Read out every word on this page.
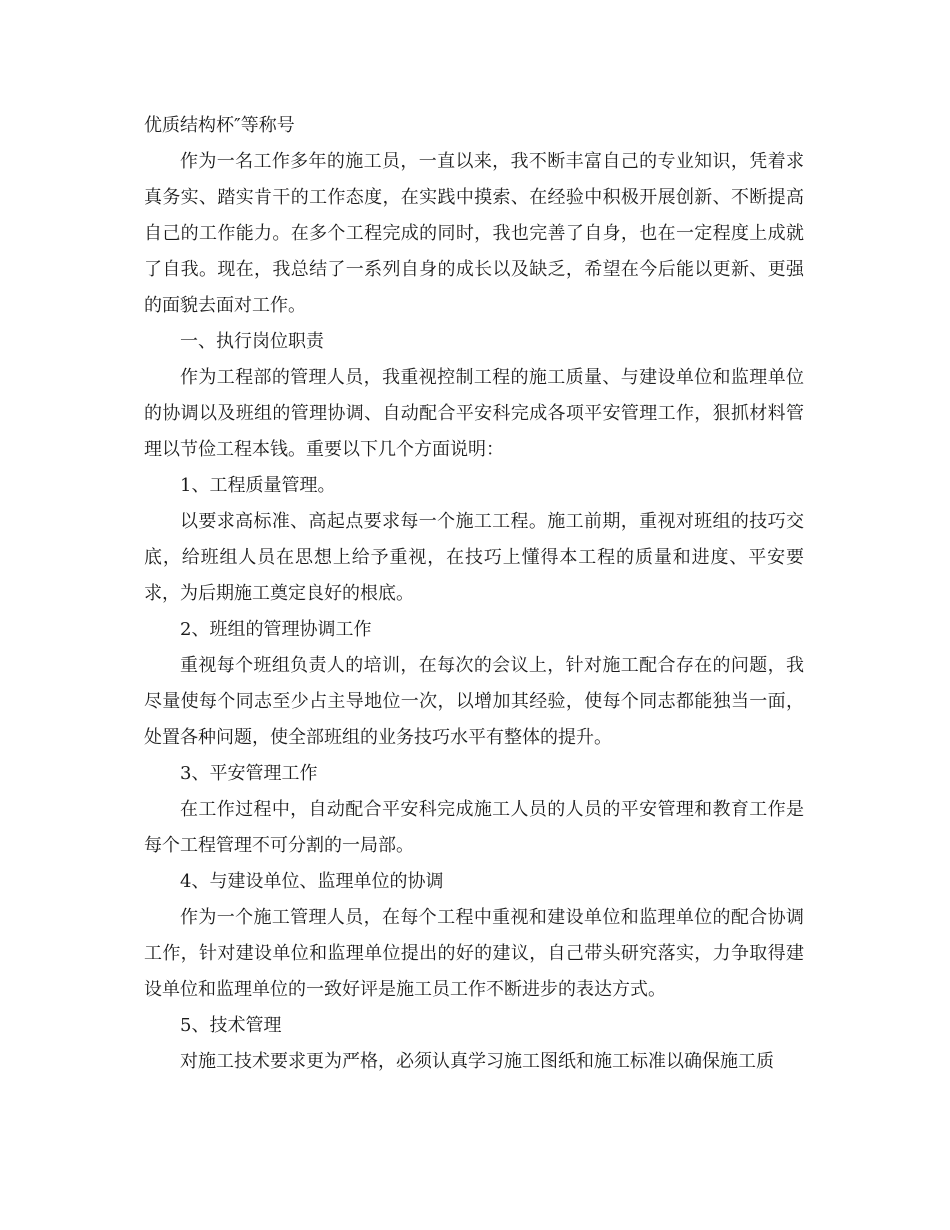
优质结构杯″等称号

作为一名工作多年的施工员，一直以来，我不断丰富自己的专业知识，凭着求真务实、踏实肯干的工作态度，在实践中摸索、在经验中积极开展创新、不断提高自己的工作能力。在多个工程完成的同时，我也完善了自身，也在一定程度上成就了自我。现在，我总结了一系列自身的成长以及缺乏，希望在今后能以更新、更强的面貌去面对工作。

一、执行岗位职责

作为工程部的管理人员，我重视控制工程的施工质量、与建设单位和监理单位的协调以及班组的管理协调、自动配合平安科完成各项平安管理工作，狠抓材料管理以节俭工程本钱。重要以下几个方面说明：

1、工程质量管理。

以要求高标准、高起点要求每一个施工工程。施工前期，重视对班组的技巧交底，给班组人员在思想上给予重视，在技巧上懂得本工程的质量和进度、平安要求，为后期施工奠定良好的根底。

2、班组的管理协调工作

重视每个班组负责人的培训，在每次的会议上，针对施工配合存在的问题，我尽量使每个同志至少占主导地位一次，以增加其经验，使每个同志都能独当一面，处置各种问题，使全部班组的业务技巧水平有整体的提升。

3、平安管理工作

在工作过程中，自动配合平安科完成施工人员的人员的平安管理和教育工作是每个工程管理不可分割的一局部。

4、与建设单位、监理单位的协调

作为一个施工管理人员，在每个工程中重视和建设单位和监理单位的配合协调工作，针对建设单位和监理单位提出的好的建议，自己带头研究落实，力争取得建设单位和监理单位的一致好评是施工员工作不断进步的表达方式。

5、技术管理

对施工技术要求更为严格，必须认真学习施工图纸和施工标准以确保施工质
